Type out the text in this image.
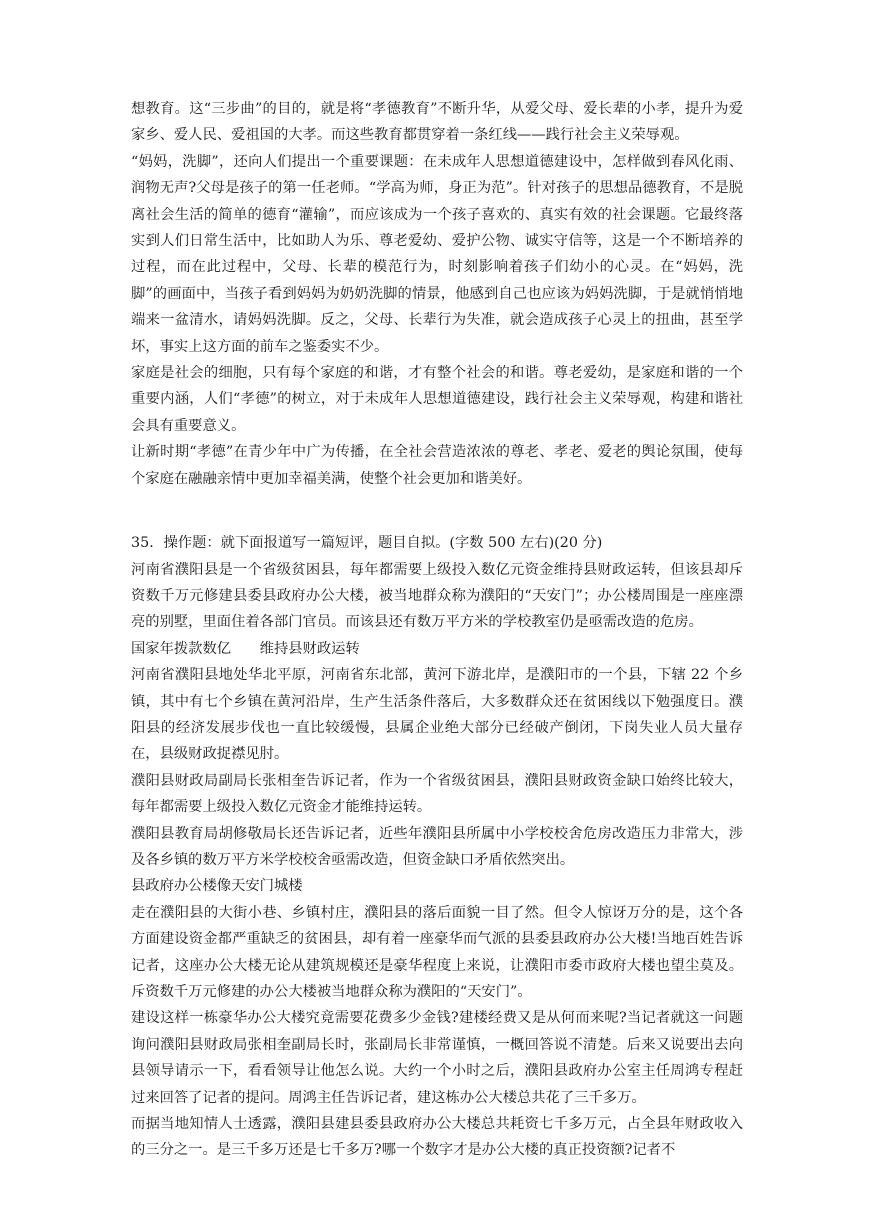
想教育。这“三步曲”的目的，就是将“孝德教育”不断升华，从爱父母、爱长辈的小孝，提升为爱家乡、爱人民、爱祖国的大孝。而这些教育都贯穿着一条红线——践行社会主义荣辱观。

“妈妈，洗脚”，还向人们提出一个重要课题：在未成年人思想道德建设中，怎样做到春风化雨、润物无声?父母是孩子的第一任老师。“学高为师，身正为范”。针对孩子的思想品德教育，不是脱离社会生活的简单的德育“灌输”，而应该成为一个孩子喜欢的、真实有效的社会课题。它最终落实到人们日常生活中，比如助人为乐、尊老爱幼、爱护公物、诚实守信等，这是一个不断培养的过程，而在此过程中，父母、长辈的模范行为，时刻影响着孩子们幼小的心灵。在“妈妈，洗脚”的画面中，当孩子看到妈妈为奶奶洗脚的情景，他感到自己也应该为妈妈洗脚，于是就悄悄地端来一盆清水，请妈妈洗脚。反之，父母、长辈行为失准，就会造成孩子心灵上的扭曲，甚至学坏，事实上这方面的前车之鉴委实不少。

家庭是社会的细胞，只有每个家庭的和谐，才有整个社会的和谐。尊老爱幼，是家庭和谐的一个重要内涵，人们“孝德”的树立，对于未成年人思想道德建设，践行社会主义荣辱观，构建和谐社会具有重要意义。

让新时期“孝德”在青少年中广为传播，在全社会营造浓浓的尊老、孝老、爱老的舆论氛围，使每个家庭在融融亲情中更加幸福美满，使整个社会更加和谐美好。

35．操作题：就下面报道写一篇短评，题目自拟。(字数 500 左右)(20 分)

河南省濮阳县是一个省级贫困县，每年都需要上级投入数亿元资金维持县财政运转，但该县却斥资数千万元修建县委县政府办公大楼，被当地群众称为濮阳的“天安门”；办公楼周围是一座座漂亮的别墅，里面住着各部门官员。而该县还有数万平方米的学校教室仍是亟需改造的危房。

国家年拨款数亿　　维持县财政运转

河南省濮阳县地处华北平原，河南省东北部，黄河下游北岸，是濮阳市的一个县，下辖 22 个乡镇，其中有七个乡镇在黄河沿岸，生产生活条件落后，大多数群众还在贫困线以下勉强度日。濮阳县的经济发展步伐也一直比较缓慢，县属企业绝大部分已经破产倒闭，下岗失业人员大量存在，县级财政捉襟见肘。

濮阳县财政局副局长张相奎告诉记者，作为一个省级贫困县，濮阳县财政资金缺口始终比较大，每年都需要上级投入数亿元资金才能维持运转。

濮阳县教育局胡修敬局长还告诉记者，近些年濮阳县所属中小学校校舍危房改造压力非常大，涉及各乡镇的数万平方米学校校舍亟需改造，但资金缺口矛盾依然突出。

县政府办公楼像天安门城楼

走在濮阳县的大街小巷、乡镇村庄，濮阳县的落后面貌一目了然。但令人惊讶万分的是，这个各方面建设资金都严重缺乏的贫困县，却有着一座豪华而气派的县委县政府办公大楼!当地百姓告诉记者，这座办公大楼无论从建筑规模还是豪华程度上来说，让濮阳市委市政府大楼也望尘莫及。斥资数千万元修建的办公大楼被当地群众称为濮阳的“天安门”。

建设这样一栋豪华办公大楼究竟需要花费多少金钱?建楼经费又是从何而来呢?当记者就这一问题询问濮阳县财政局张相奎副局长时，张副局长非常谨慎，一概回答说不清楚。后来又说要出去向县领导请示一下，看看领导让他怎么说。大约一个小时之后，濮阳县政府办公室主任周鸿专程赶过来回答了记者的提问。周鸿主任告诉记者，建这栋办公大楼总共花了三千多万。

而据当地知情人士透露，濮阳县建县委县政府办公大楼总共耗资七千多万元，占全县年财政收入的三分之一。是三千多万还是七千多万?哪一个数字才是办公大楼的真正投资额?记者不
